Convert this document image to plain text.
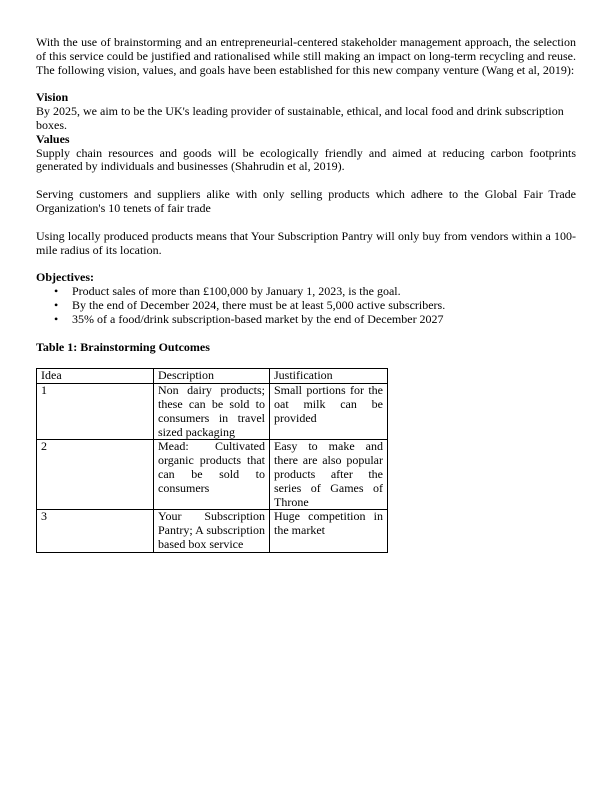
With the use of brainstorming and an entrepreneurial-centered stakeholder management approach, the selection of this service could be justified and rationalised while still making an impact on long-term recycling and reuse. The following vision, values, and goals have been established for this new company venture (Wang et al, 2019):

Vision

By 2025, we aim to be the UK's leading provider of sustainable, ethical, and local food and drink subscription boxes.

Values

Supply chain resources and goods will be ecologically friendly and aimed at reducing carbon footprints generated by individuals and businesses (Shahrudin et al, 2019).

Serving customers and suppliers alike with only selling products which adhere to the Global Fair Trade Organization's 10 tenets of fair trade

Using locally produced products means that Your Subscription Pantry will only buy from vendors within a 100-mile radius of its location.

Objectives:
• Product sales of more than £100,000 by January 1, 2023, is the goal.
• By the end of December 2024, there must be at least 5,000 active subscribers.
• 35% of a food/drink subscription-based market by the end of December 2027
Table 1: Brainstorming Outcomes
Idea	Description	Justification
1	Non dairy products; these can be sold to consumers in travel sized packaging	Small portions for the oat milk can be provided
2	Mead: Cultivated organic products that can be sold to consumers	Easy to make and there are also popular products after the series of Games of Throne
3	Your Subscription Pantry; A subscription based box service	Huge competition in the market
